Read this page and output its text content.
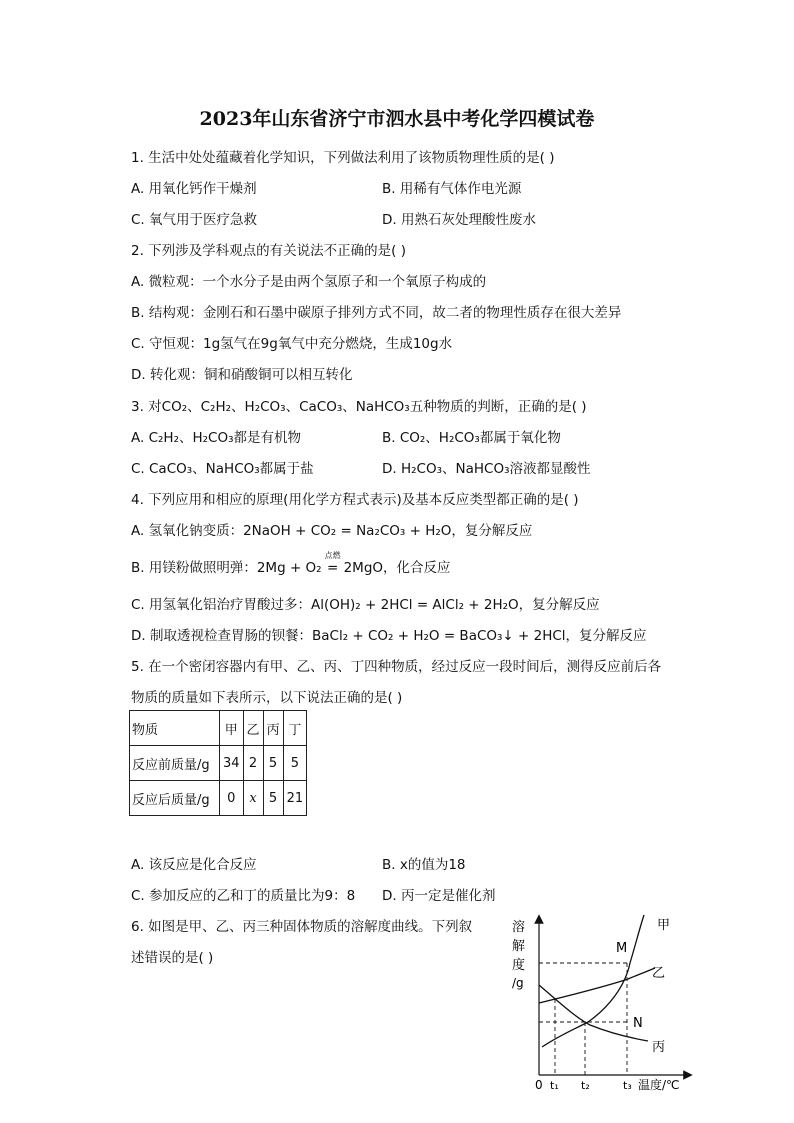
2023年山东省济宁市泗水县中考化学四模试卷
1. 生活中处处蕴藏着化学知识，下列做法利用了该物质物理性质的是( )
A. 用氧化钙作干燥剂	B. 用稀有气体作电光源
C. 氧气用于医疗急救	D. 用熟石灰处理酸性废水
2. 下列涉及学科观点的有关说法不正确的是( )
A. 微粒观：一个水分子是由两个氢原子和一个氧原子构成的
B. 结构观：金刚石和石墨中碳原子排列方式不同，故二者的物理性质存在很大差异
C. 守恒观：1g氢气在9g氧气中充分燃烧，生成10g水
D. 转化观：铜和硝酸铜可以相互转化
3. 对CO₂、C₂H₂、H₂CO₃、CaCO₃、NaHCO₃五种物质的判断，正确的是( )
A. C₂H₂、H₂CO₃都是有机物	B. CO₂、H₂CO₃都属于氧化物
C. CaCO₃、NaHCO₃都属于盐	D. H₂CO₃、NaHCO₃溶液都显酸性
4. 下列应用和相应的原理(用化学方程式表示)及基本反应类型都正确的是( )
A. 氢氧化钠变质：2NaOH + CO₂ = Na₂CO₃ + H₂O，复分解反应
B. 用镁粉做照明弹：2Mg + O₂
点燃
= 2MgO，化合反应
C. 用氢氧化铝治疗胃酸过多：Al(OH)₂ + 2HCl = AlCl₂ + 2H₂O，复分解反应
D. 制取透视检查胃肠的钡餐：BaCl₂ + CO₂ + H₂O = BaCO₃↓ + 2HCl，复分解反应
5. 在一个密闭容器内有甲、乙、丙、丁四种物质，经过反应一段时间后，测得反应前后各
物质的质量如下表所示，以下说法正确的是( )
物质	甲	乙	丙	丁
反应前质量/g	34	2	5	5
反应后质量/g	0	x	5	21
A. 该反应是化合反应	B. x的值为18
C. 参加反应的乙和丁的质量比为9：8 D. 丙一定是催化剂
6. 如图是甲、乙、丙三种固体物质的溶解度曲线。下列叙
述错误的是( )
溶
解
度
/g
0 t₁ t₂	t₃ 温度/℃
甲
乙
丙
M
N
